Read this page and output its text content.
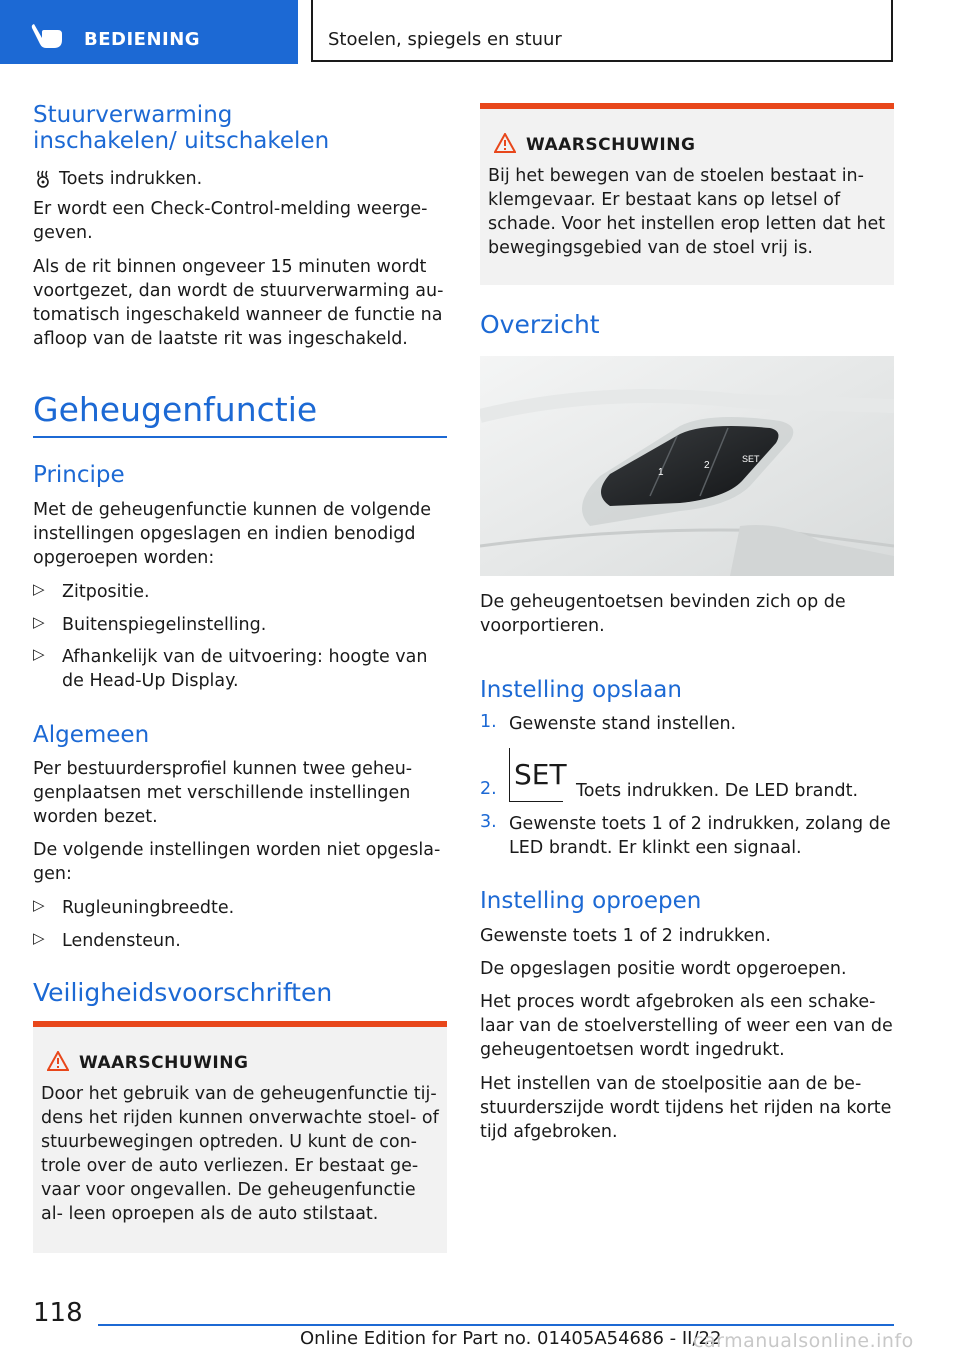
BEDIENING	Stoelen, spiegels en stuur
Stuurverwarming inschakelen/ uitschakelen
Toets indrukken.

Er wordt een Check-Control-melding weerge- geven.

Als de rit binnen ongeveer 15 minuten wordt voortgezet, dan wordt de stuurverwarming au- tomatisch ingeschakeld wanneer de functie na afloop van de laatste rit was ingeschakeld.

Geheugenfunctie
Principe

Met de geheugenfunctie kunnen de volgende instellingen opgeslagen en indien benodigd opgeroepen worden:

▷ Zitpositie.
▷ Buitenspiegelinstelling.
▷ Afhankelijk van de uitvoering: hoogte van de Head-Up Display.
Algemeen

Per bestuurdersprofiel kunnen twee geheu- genplaatsen met verschillende instellingen worden bezet.

De volgende instellingen worden niet opgesla- gen:

▷ Rugleuningbreedte.
▷ Lendensteun.
Veiligheidsvoorschriften
WAARSCHUWING

Door het gebruik van de geheugenfunctie tij- dens het rijden kunnen onverwachte stoel- of stuurbewegingen optreden. U kunt de con- trole over de auto verliezen. Er bestaat ge- vaar voor ongevallen. De geheugenfunctie al- leen oproepen als de auto stilstaat.

WAARSCHUWING

Bij het bewegen van de stoelen bestaat in- klemgevaar. Er bestaat kans op letsel of schade. Voor het instellen erop letten dat het bewegingsgebied van de stoel vrij is.

Overzicht
1
2
SET

De geheugentoetsen bevinden zich op de voorportieren.

Instelling opslaan
1. Gewenste stand instellen.
2. SET Toets indrukken. De LED brandt.
3. Gewenste toets 1 of 2 indrukken, zolang de LED brandt. Er klinkt een signaal.
Instelling oproepen

Gewenste toets 1 of 2 indrukken.

De opgeslagen positie wordt opgeroepen.

Het proces wordt afgebroken als een schake- laar van de stoelverstelling of weer een van de geheugentoetsen wordt ingedrukt.

Het instellen van de stoelpositie aan de be- stuurderszijde wordt tijdens het rijden na korte tijd afgebroken.

118
Online Edition for Part no. 01405A54686 - II/22
carmanualsonline.info
